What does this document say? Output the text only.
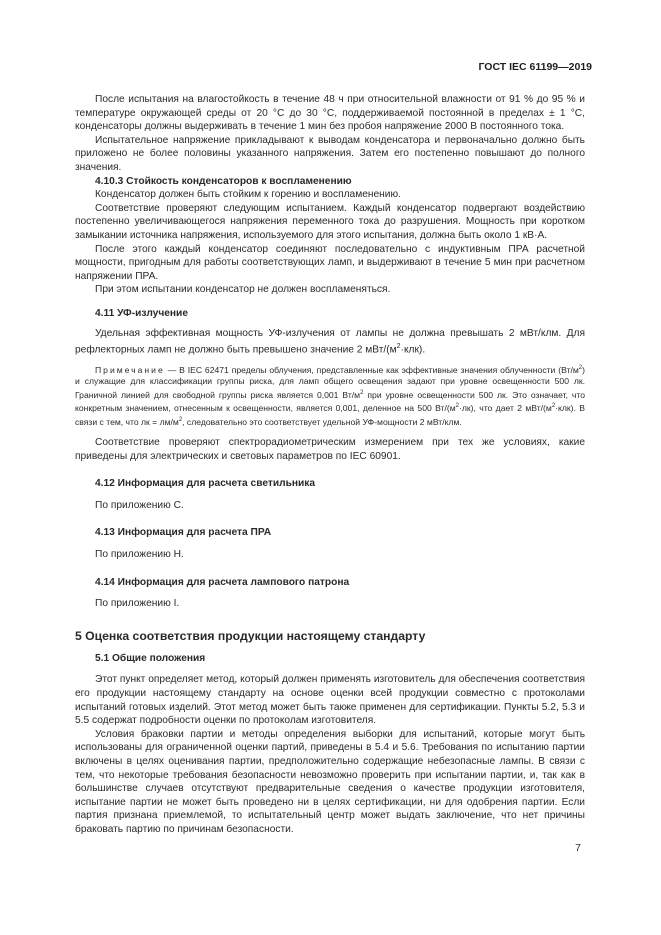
ГОСТ IEC 61199—2019

После испытания на влагостойкость в течение 48 ч при относительной влажности от 91 % до 95 % и температуре окружающей среды от 20 °С до 30 °С, поддерживаемой постоянной в пределах ± 1 °С, конденсаторы должны выдерживать в течение 1 мин без пробоя напряжение 2000 В постоянного тока.

Испытательное напряжение прикладывают к выводам конденсатора и первоначально должно быть приложено не более половины указанного напряжения. Затем его постепенно повышают до полного значения.

4.10.3 Стойкость конденсаторов к воспламенению

Конденсатор должен быть стойким к горению и воспламенению.

Соответствие проверяют следующим испытанием. Каждый конденсатор подвергают воздействию постепенно увеличивающегося напряжения переменного тока до разрушения. Мощность при коротком замыкании источника напряжения, используемого для этого испытания, должна быть около 1 кВ·А.

После этого каждый конденсатор соединяют последовательно с индуктивным ПРА расчетной мощности, пригодным для работы соответствующих ламп, и выдерживают в течение 5 мин при расчетном напряжении ПРА.

При этом испытании конденсатор не должен воспламеняться.

4.11 УФ-излучение

Удельная эффективная мощность УФ-излучения от лампы не должна превышать 2 мВт/клм. Для рефлекторных ламп не должно быть превышено значение 2 мВт/$(м^2\cdot клк)$.

Примечание — В IEC 62471 пределы облучения, представленные как эффективные значения облученности $(Вт/м^2)$ и служащие для классификации группы риска, для ламп общего освещения задают при уровне освещенности 500 лк. Граничной линией для свободной группы риска является 0,001 $Вт/м^2$ при уровне освещенности 500 лк. Это означает, что конкретным значением, отнесенным к освещенности, является 0,001, деленное на 500 $Вт/(м^2\cdot лк)$, что дает 2 мВт/$(м^2\cdot клк)$. В связи с тем, что лк = $лм/м^2$, следовательно это соответствует удельной УФ-мощности 2 мВт/клм.

Соответствие проверяют спектрорадиометрическим измерением при тех же условиях, какие приведены для электрических и световых параметров по IEC 60901.

4.12 Информация для расчета светильника

По приложению С.

4.13 Информация для расчета ПРА

По приложению Н.

4.14 Информация для расчета лампового патрона

По приложению I.

5 Оценка соответствия продукции настоящему стандарту

5.1 Общие положения

Этот пункт определяет метод, который должен применять изготовитель для обеспечения соответствия его продукции настоящему стандарту на основе оценки всей продукции совместно с протоколами испытаний готовых изделий. Этот метод может быть также применен для сертификации. Пункты 5.2, 5.3 и 5.5 содержат подробности оценки по протоколам изготовителя.

Условия браковки партии и методы определения выборки для испытаний, которые могут быть использованы для ограниченной оценки партий, приведены в 5.4 и 5.6. Требования по испытанию партии включены в целях оценивания партии, предположительно содержащие небезопасные лампы. В связи с тем, что некоторые требования безопасности невозможно проверить при испытании партии, и, так как в большинстве случаев отсутствуют предварительные сведения о качестве продукции изготовителя, испытание партии не может быть проведено ни в целях сертификации, ни для одобрения партии. Если партия признана приемлемой, то испытательный центр может выдать заключение, что нет причины браковать партию по причинам безопасности.

7
